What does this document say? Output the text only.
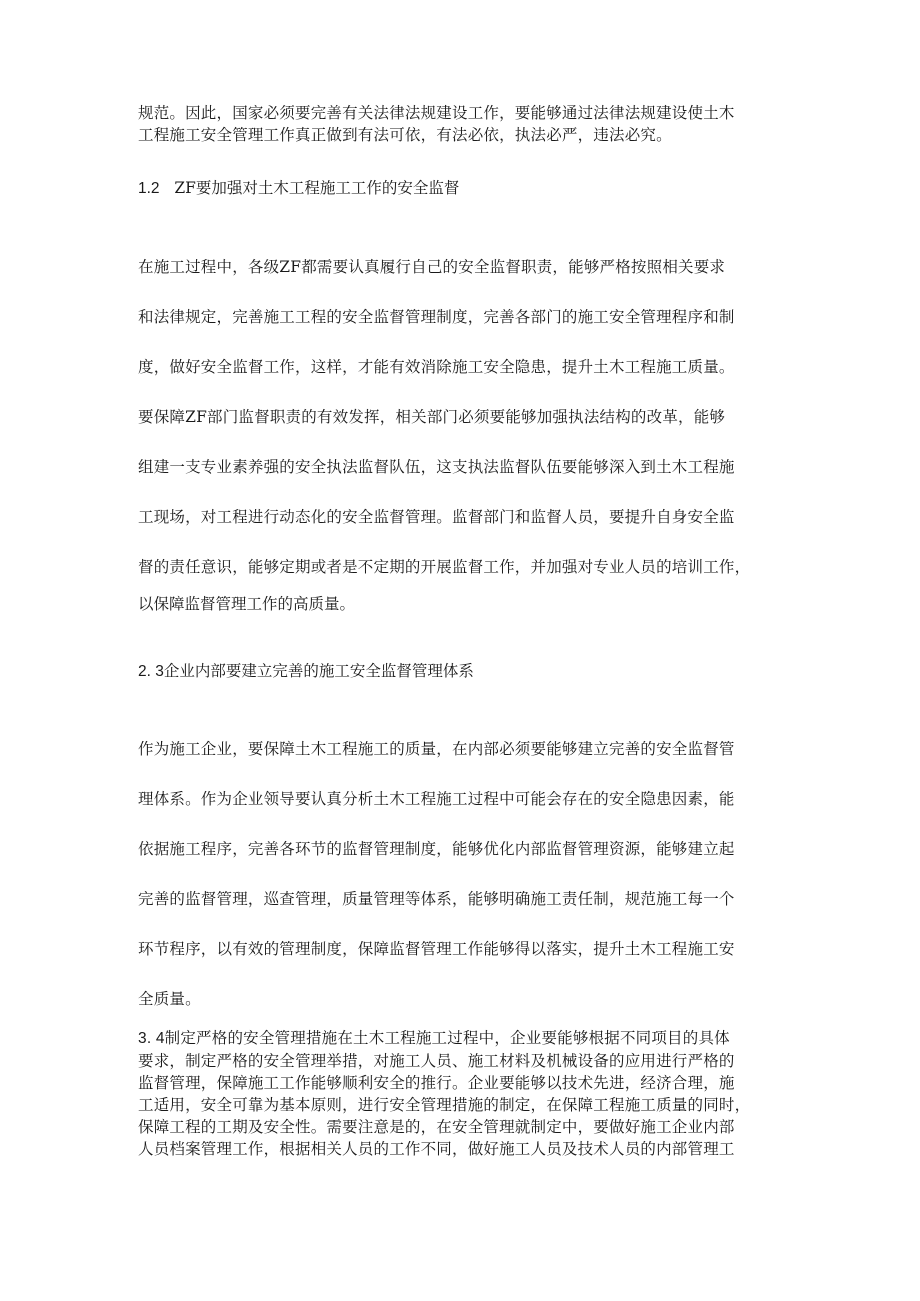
规范。因此，国家必须要完善有关法律法规建设工作，要能够通过法律法规建设使土木
工程施工安全管理工作真正做到有法可依，有法必依，执法必严，违法必究。
1.2 ZF要加强对土木工程施工工作的安全监督
在施工过程中，各级ZF都需要认真履行自己的安全监督职责，能够严格按照相关要求
和法律规定，完善施工工程的安全监督管理制度，完善各部门的施工安全管理程序和制
度，做好安全监督工作，这样，才能有效消除施工安全隐患，提升土木工程施工质量。
要保障ZF部门监督职责的有效发挥，相关部门必须要能够加强执法结构的改革，能够
组建一支专业素养强的安全执法监督队伍，这支执法监督队伍要能够深入到土木工程施
工现场，对工程进行动态化的安全监督管理。监督部门和监督人员，要提升自身安全监
督的责任意识，能够定期或者是不定期的开展监督工作，并加强对专业人员的培训工作，
以保障监督管理工作的高质量。
2. 3企业内部要建立完善的施工安全监督管理体系
作为施工企业，要保障土木工程施工的质量，在内部必须要能够建立完善的安全监督管
理体系。作为企业领导要认真分析土木工程施工过程中可能会存在的安全隐患因素，能
依据施工程序，完善各环节的监督管理制度，能够优化内部监督管理资源，能够建立起
完善的监督管理，巡查管理，质量管理等体系，能够明确施工责任制，规范施工每一个
环节程序，以有效的管理制度，保障监督管理工作能够得以落实，提升土木工程施工安
全质量。
3. 4制定严格的安全管理措施在土木工程施工过程中，企业要能够根据不同项目的具体
要求，制定严格的安全管理举措，对施工人员、施工材料及机械设备的应用进行严格的
监督管理，保障施工工作能够顺利安全的推行。企业要能够以技术先进，经济合理，施
工适用，安全可靠为基本原则，进行安全管理措施的制定，在保障工程施工质量的同时，
保障工程的工期及安全性。需要注意是的，在安全管理就制定中，要做好施工企业内部
人员档案管理工作，根据相关人员的工作不同，做好施工人员及技术人员的内部管理工
